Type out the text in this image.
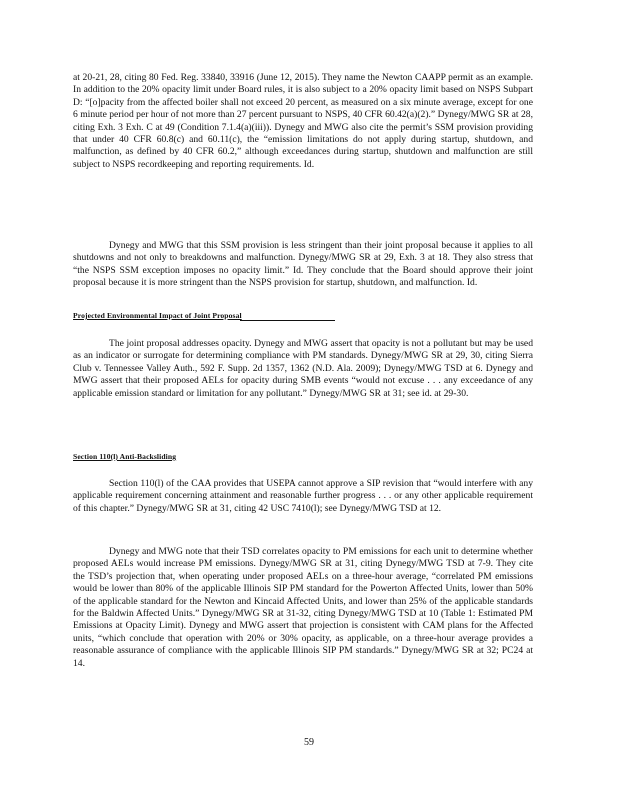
at 20-21, 28, citing 80 Fed. Reg. 33840, 33916 (June 12, 2015). They name the Newton CAAPP permit as an example. In addition to the 20% opacity limit under Board rules, it is also subject to a 20% opacity limit based on NSPS Subpart D: “[o]pacity from the affected boiler shall not exceed 20 percent, as measured on a six minute average, except for one 6 minute period per hour of not more than 27 percent pursuant to NSPS, 40 CFR 60.42(a)(2).” Dynegy/MWG SR at 28, citing Exh. 3 Exh. C at 49 (Condition 7.1.4(a)(iii)). Dynegy and MWG also cite the permit’s SSM provision providing that under 40 CFR 60.8(c) and 60.11(c), the “emission limitations do not apply during startup, shutdown, and malfunction, as defined by 40 CFR 60.2,” although exceedances during startup, shutdown and malfunction are still subject to NSPS recordkeeping and reporting requirements. Id.
Dynegy and MWG that this SSM provision is less stringent than their joint proposal because it applies to all shutdowns and not only to breakdowns and malfunction. Dynegy/MWG SR at 29, Exh. 3 at 18. They also stress that “the NSPS SSM exception imposes no opacity limit.” Id. They conclude that the Board should approve their joint proposal because it is more stringent than the NSPS provision for startup, shutdown, and malfunction. Id.
Projected Environmental Impact of Joint Proposal
The joint proposal addresses opacity. Dynegy and MWG assert that opacity is not a pollutant but may be used as an indicator or surrogate for determining compliance with PM standards. Dynegy/MWG SR at 29, 30, citing Sierra Club v. Tennessee Valley Auth., 592 F. Supp. 2d 1357, 1362 (N.D. Ala. 2009); Dynegy/MWG TSD at 6. Dynegy and MWG assert that their proposed AELs for opacity during SMB events “would not excuse . . . any exceedance of any applicable emission standard or limitation for any pollutant.” Dynegy/MWG SR at 31; see id. at 29-30.
Section 110(l) Anti-Backsliding
Section 110(l) of the CAA provides that USEPA cannot approve a SIP revision that “would interfere with any applicable requirement concerning attainment and reasonable further progress . . . or any other applicable requirement of this chapter.” Dynegy/MWG SR at 31, citing 42 USC 7410(l); see Dynegy/MWG TSD at 12.
Dynegy and MWG note that their TSD correlates opacity to PM emissions for each unit to determine whether proposed AELs would increase PM emissions. Dynegy/MWG SR at 31, citing Dynegy/MWG TSD at 7-9. They cite the TSD’s projection that, when operating under proposed AELs on a three-hour average, “correlated PM emissions would be lower than 80% of the applicable Illinois SIP PM standard for the Powerton Affected Units, lower than 50% of the applicable standard for the Newton and Kincaid Affected Units, and lower than 25% of the applicable standards for the Baldwin Affected Units.” Dynegy/MWG SR at 31-32, citing Dynegy/MWG TSD at 10 (Table 1: Estimated PM Emissions at Opacity Limit). Dynegy and MWG assert that projection is consistent with CAM plans for the Affected units, “which conclude that operation with 20% or 30% opacity, as applicable, on a three-hour average provides a reasonable assurance of compliance with the applicable Illinois SIP PM standards.” Dynegy/MWG SR at 32; PC24 at 14.
59
